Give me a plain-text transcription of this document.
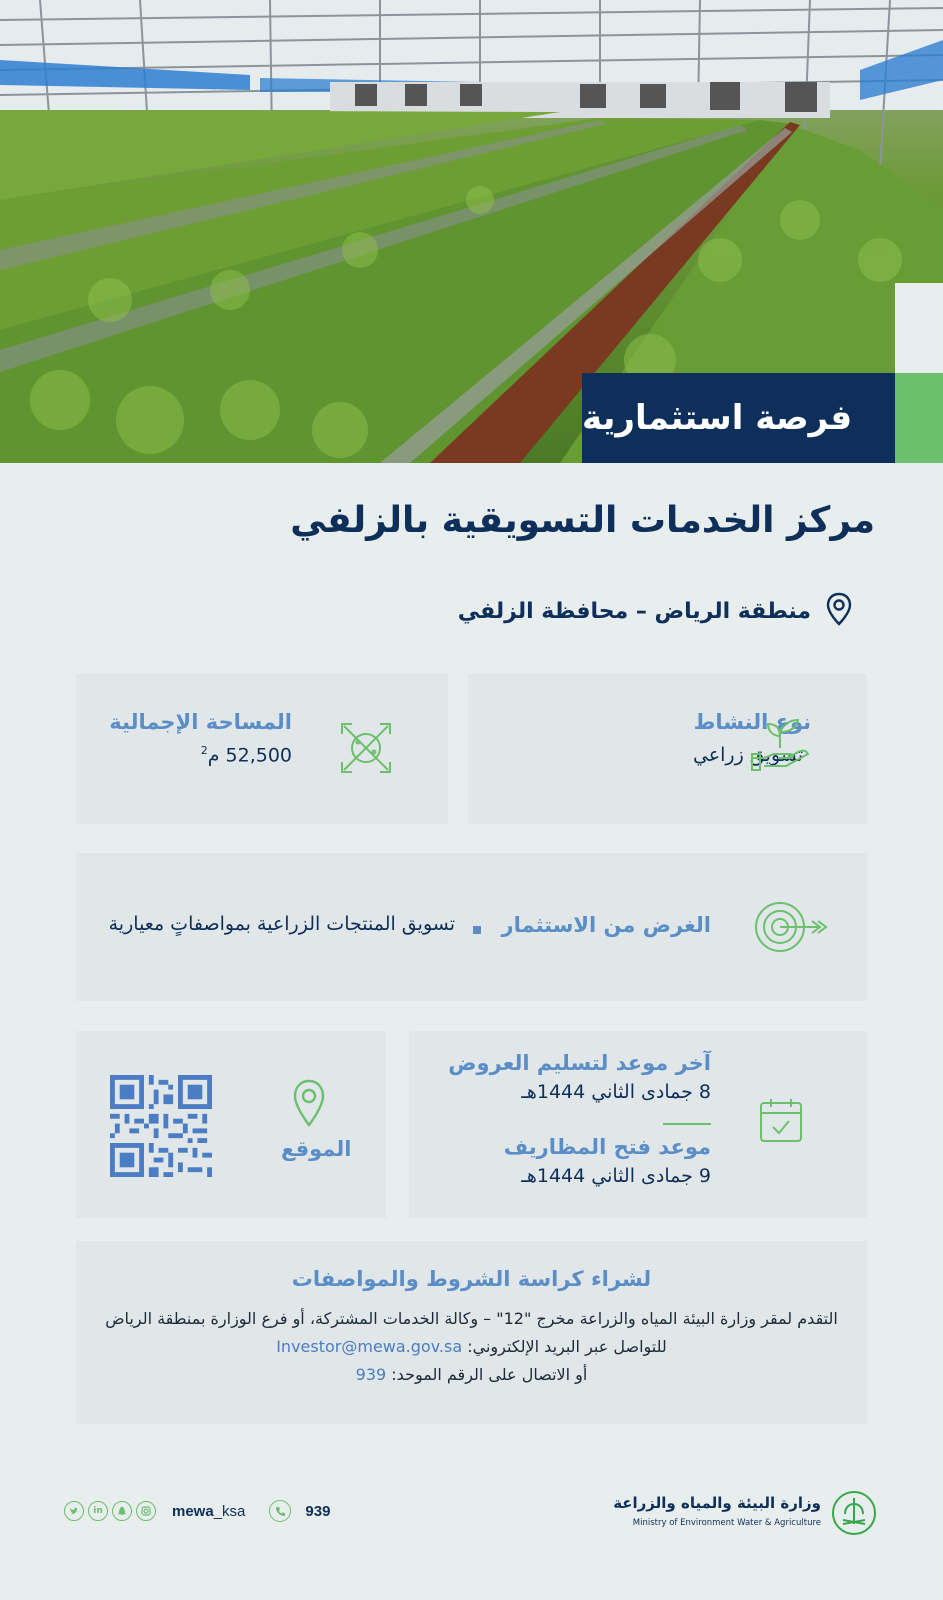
فرصة استثمارية
مركز الخدمات التسويقية بالزلفي
منطقة الرياض – محافظة الزلفي
نوع النشاط
تسويق زراعي
المساحة الإجمالية
52,500 م$^2$
الغرض من الاستثمار
تسويق المنتجات الزراعية بمواصفاتٍ معيارية
آخر موعد لتسليم العروض
8 جمادى الثاني 1444هـ
موعد فتح المظاريف
9 جمادى الثاني 1444هـ
الموقع
لشراء كراسة الشروط والمواصفات
التقدم لمقر وزارة البيئة المياه والزراعة مخرج "12" – وكالة الخدمات المشتركة، أو فرع الوزارة بمنطقة الرياض
للتواصل عبر البريد الإلكتروني: Investor@mewa.gov.sa
أو الاتصال على الرقم الموحد: 939
وزارة البيئة والمياه والزراعة
Ministry of Environment Water & Agriculture
in	mewa_ksa	939
